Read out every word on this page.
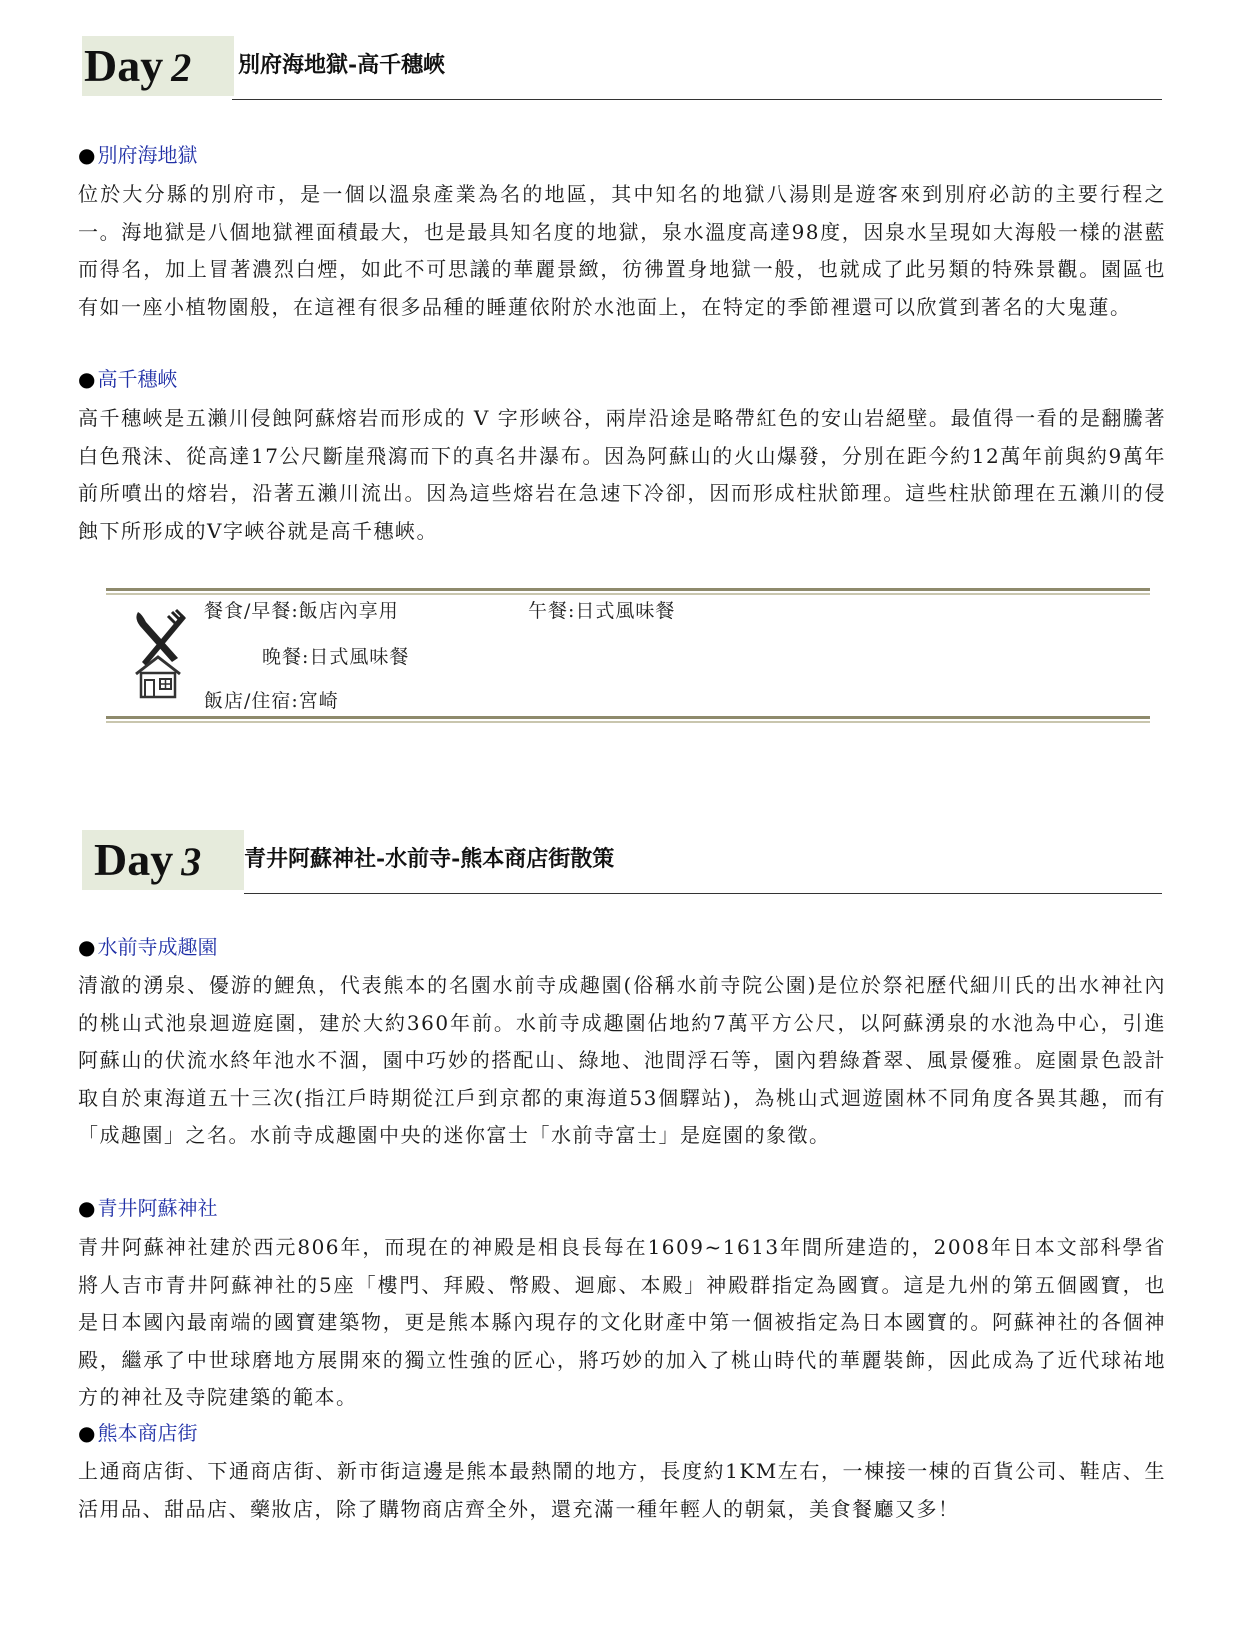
Day 2	別府海地獄-高千穗峽
● 別府海地獄

位於大分縣的別府市，是一個以溫泉產業為名的地區，其中知名的地獄八湯則是遊客來到別府必訪的主要行程之一。海地獄是八個地獄裡面積最大，也是最具知名度的地獄，泉水溫度高達98度，因泉水呈現如大海般一樣的湛藍而得名，加上冒著濃烈白煙，如此不可思議的華麗景緻，彷彿置身地獄一般，也就成了此另類的特殊景觀。園區也有如一座小植物園般，在這裡有很多品種的睡蓮依附於水池面上，在特定的季節裡還可以欣賞到著名的大鬼蓮。

● 高千穗峽

高千穗峽是五瀨川侵蝕阿蘇熔岩而形成的 V 字形峽谷，兩岸沿途是略帶紅色的安山岩絕壁。最值得一看的是翻騰著白色飛沫、從高達17公尺斷崖飛瀉而下的真名井瀑布。因為阿蘇山的火山爆發，分別在距今約12萬年前與約9萬年前所噴出的熔岩，沿著五瀨川流出。因為這些熔岩在急速下冷卻，因而形成柱狀節理。這些柱狀節理在五瀨川的侵蝕下所形成的V字峽谷就是高千穗峽。

餐食/早餐:飯店內享用	午餐:日式風味餐
晚餐:日式風味餐
飯店/住宿:宮崎
Day 3	青井阿蘇神社-水前寺-熊本商店街散策
● 水前寺成趣園

清澈的湧泉、優游的鯉魚，代表熊本的名園水前寺成趣園(俗稱水前寺院公園)是位於祭祀歷代細川氏的出水神社內的桃山式池泉迴遊庭園，建於大約360年前。水前寺成趣園佔地約7萬平方公尺，以阿蘇湧泉的水池為中心，引進阿蘇山的伏流水終年池水不涸，園中巧妙的搭配山、綠地、池間浮石等，園內碧綠蒼翠、風景優雅。庭園景色設計取自於東海道五十三次(指江戶時期從江戶到京都的東海道53個驛站)，為桃山式迴遊園林不同角度各異其趣，而有「成趣園」之名。水前寺成趣園中央的迷你富士「水前寺富士」是庭園的象徵。

● 青井阿蘇神社

青井阿蘇神社建於西元806年，而現在的神殿是相良長每在1609~1613年間所建造的，2008年日本文部科學省將人吉市青井阿蘇神社的5座「樓門、拜殿、幣殿、迴廊、本殿」神殿群指定為國寶。這是九州的第五個國寶，也是日本國內最南端的國寶建築物，更是熊本縣內現存的文化財產中第一個被指定為日本國寶的。阿蘇神社的各個神殿，繼承了中世球磨地方展開來的獨立性強的匠心，將巧妙的加入了桃山時代的華麗裝飾，因此成為了近代球祐地方的神社及寺院建築的範本。

● 熊本商店街

上通商店街、下通商店街、新市街這邊是熊本最熱鬧的地方，長度約1KM左右，一棟接一棟的百貨公司、鞋店、生活用品、甜品店、藥妝店，除了購物商店齊全外，還充滿一種年輕人的朝氣，美食餐廳又多！
